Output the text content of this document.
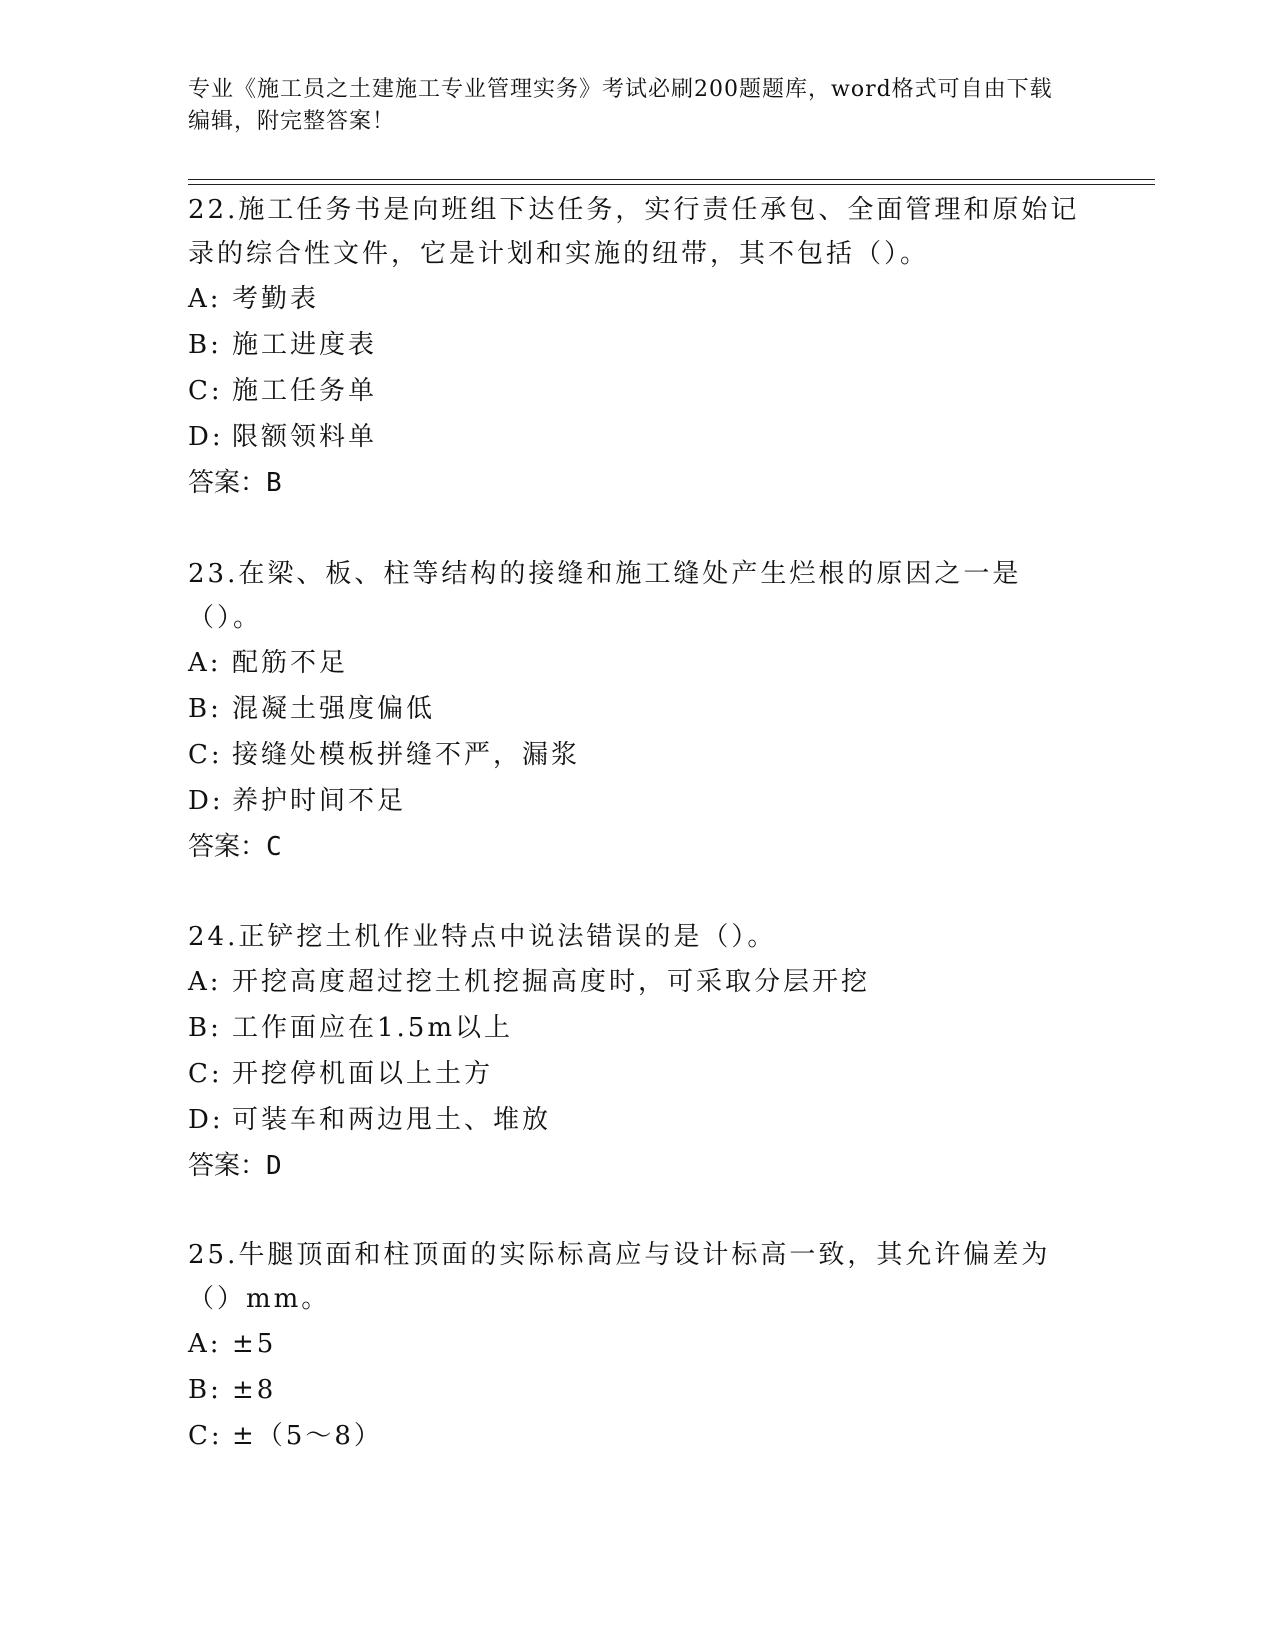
专业《施工员之土建施工专业管理实务》考试必刷200题题库，word格式可自由下载编辑，附完整答案！

22.施工任务书是向班组下达任务，实行责任承包、全面管理和原始记录的综合性文件，它是计划和实施的纽带，其不包括（）。

A: 考勤表

B: 施工进度表

C: 施工任务单

D: 限额领料单

答案：B

23.在梁、板、柱等结构的接缝和施工缝处产生烂根的原因之一是（）。

A: 配筋不足

B: 混凝土强度偏低

C: 接缝处模板拼缝不严，漏浆

D: 养护时间不足

答案：C

24.正铲挖土机作业特点中说法错误的是（）。

A: 开挖高度超过挖土机挖掘高度时，可采取分层开挖

B: 工作面应在1.5m以上

C: 开挖停机面以上土方

D: 可装车和两边甩土、堆放

答案：D

25.牛腿顶面和柱顶面的实际标高应与设计标高一致，其允许偏差为（）mm。

A: ±5

B: ±8

C: ±（5～8）
